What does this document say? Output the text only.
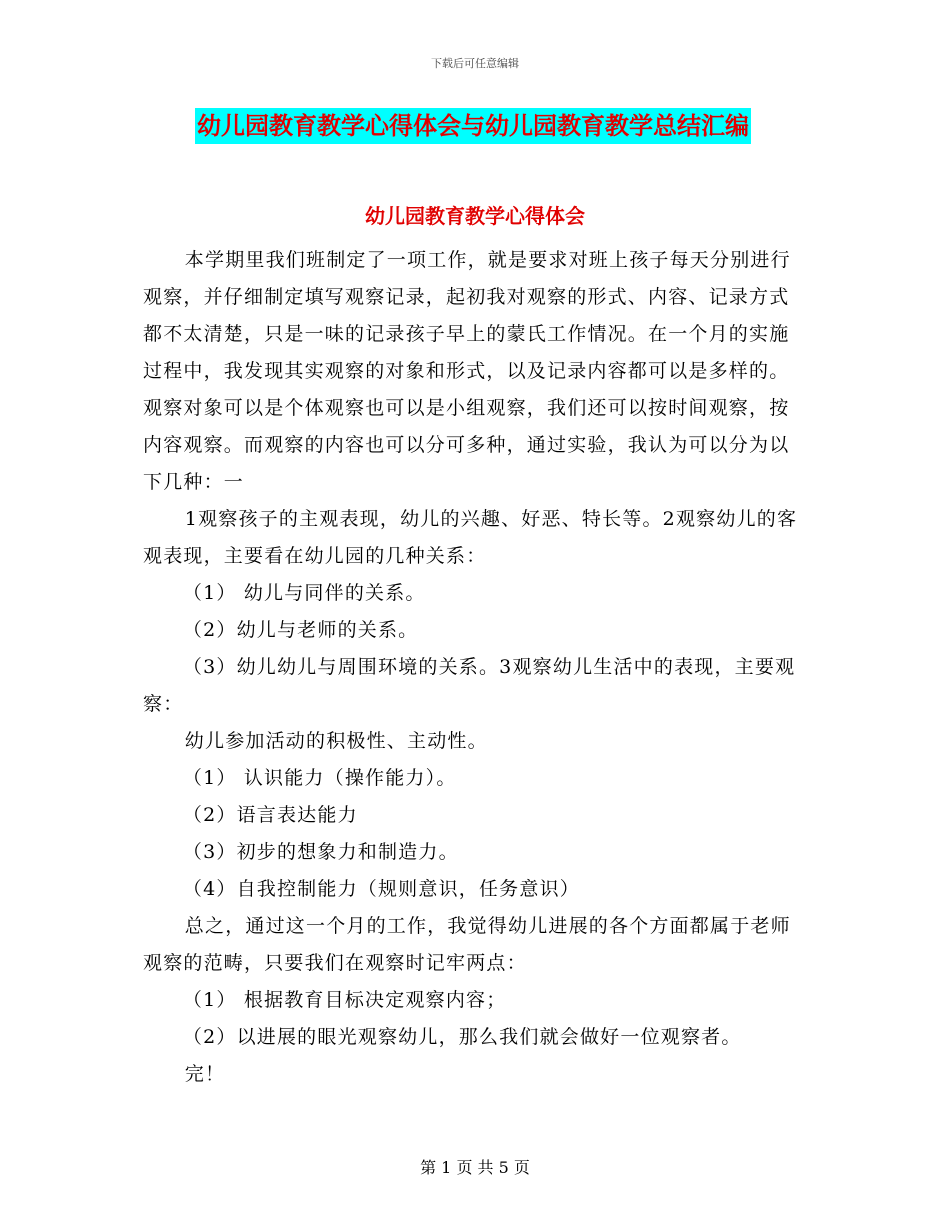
下载后可任意编辑
幼儿园教育教学心得体会与幼儿园教育教学总结汇编
幼儿园教育教学心得体会

本学期里我们班制定了一项工作，就是要求对班上孩子每天分别进行观察，并仔细制定填写观察记录，起初我对观察的形式、内容、记录方式都不太清楚，只是一味的记录孩子早上的蒙氏工作情况。在一个月的实施过程中，我发现其实观察的对象和形式，以及记录内容都可以是多样的。观察对象可以是个体观察也可以是小组观察，我们还可以按时间观察，按内容观察。而观察的内容也可以分可多种，通过实验，我认为可以分为以下几种：一

1观察孩子的主观表现，幼儿的兴趣、好恶、特长等。2观察幼儿的客观表现，主要看在幼儿园的几种关系：

（1） 幼儿与同伴的关系。

（2）幼儿与老师的关系。

（3）幼儿幼儿与周围环境的关系。3观察幼儿生活中的表现，主要观察：

幼儿参加活动的积极性、主动性。

（1） 认识能力（操作能力）。

（2）语言表达能力

（3）初步的想象力和制造力。

（4）自我控制能力（规则意识，任务意识）

总之，通过这一个月的工作，我觉得幼儿进展的各个方面都属于老师观察的范畴，只要我们在观察时记牢两点：

（1） 根据教育目标决定观察内容；

（2）以进展的眼光观察幼儿，那么我们就会做好一位观察者。

完！

第 1 页 共 5 页
